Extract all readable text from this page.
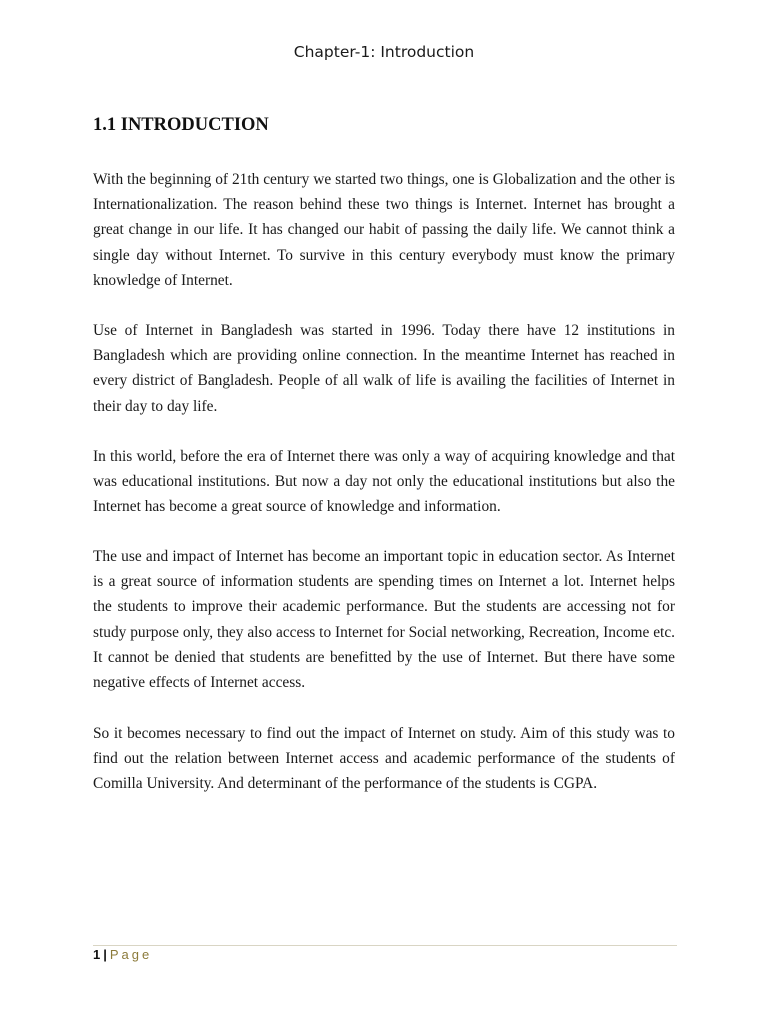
Chapter-1: Introduction
1.1 INTRODUCTION

With the beginning of 21th century we started two things, one is Globalization and the other is Internationalization. The reason behind these two things is Internet. Internet has brought a great change in our life. It has changed our habit of passing the daily life. We cannot think a single day without Internet. To survive in this century everybody must know the primary knowledge of Internet.

Use of Internet in Bangladesh was started in 1996. Today there have 12 institutions in Bangladesh which are providing online connection. In the meantime Internet has reached in every district of Bangladesh. People of all walk of life is availing the facilities of Internet in their day to day life.

In this world, before the era of Internet there was only a way of acquiring knowledge and that was educational institutions. But now a day not only the educational institutions but also the Internet has become a great source of knowledge and information.

The use and impact of Internet has become an important topic in education sector. As Internet is a great source of information students are spending times on Internet a lot. Internet helps the students to improve their academic performance. But the students are accessing not for study purpose only, they also access to Internet for Social networking, Recreation, Income etc. It cannot be denied that students are benefitted by the use of Internet. But there have some negative effects of Internet access.

So it becomes necessary to find out the impact of Internet on study. Aim of this study was to find out the relation between Internet access and academic performance of the students of Comilla University. And determinant of the performance of the students is CGPA.

1 | Page
